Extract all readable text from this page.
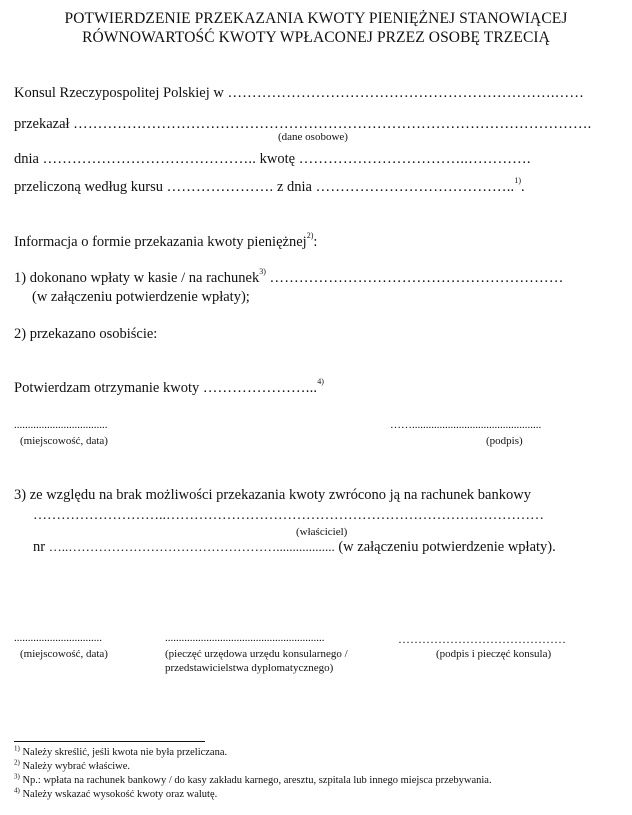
POTWIERDZENIE PRZEKAZANIA KWOTY PIENIĘŻNEJ STANOWIĄCEJ
RÓWNOWARTOŚĆ KWOTY WPŁACONEJ PRZEZ OSOBĘ TRZECIĄ
Konsul Rzeczypospolitej Polskiej w ………………………………………………………….……
przekazał …………………………………………………………………………………………….
(dane osobowe)
dnia …………………………………….. kwotę ……………………………..………….
przeliczoną według kursu …………………. z dnia …………………………………..$^{1)}$.
Informacja o formie przekazania kwoty pieniężnej$^{2)}$:
1) dokonano wpłaty w kasie / na rachunek$^{3)}$ ……………………………………………………
(w załączeniu potwierdzenie wpłaty);
2) przekazano osobiście:
Potwierdzam otrzymanie kwoty …………………...$^{4)}$
..................................
(miejscowość, data)
……...............................................
(podpis)
3) ze względu na brak możliwości przekazania kwoty zwrócono ją na rachunek bankowy
………………………..………………………………………………………………………
(właściciel)
nr …..………………………………………….................. (w załączeniu potwierdzenie wpłaty).
................................
(miejscowość, data)
..........................................................
(pieczęć urzędowa urzędu konsularnego /
przedstawicielstwa dyplomatycznego)
……………………………………
(podpis i pieczęć konsula)
$^{1)}$ Należy skreślić, jeśli kwota nie była przeliczana.
$^{2)}$ Należy wybrać właściwe.
$^{3)}$ Np.: wpłata na rachunek bankowy / do kasy zakładu karnego, aresztu, szpitala lub innego miejsca przebywania.
$^{4)}$ Należy wskazać wysokość kwoty oraz walutę.
